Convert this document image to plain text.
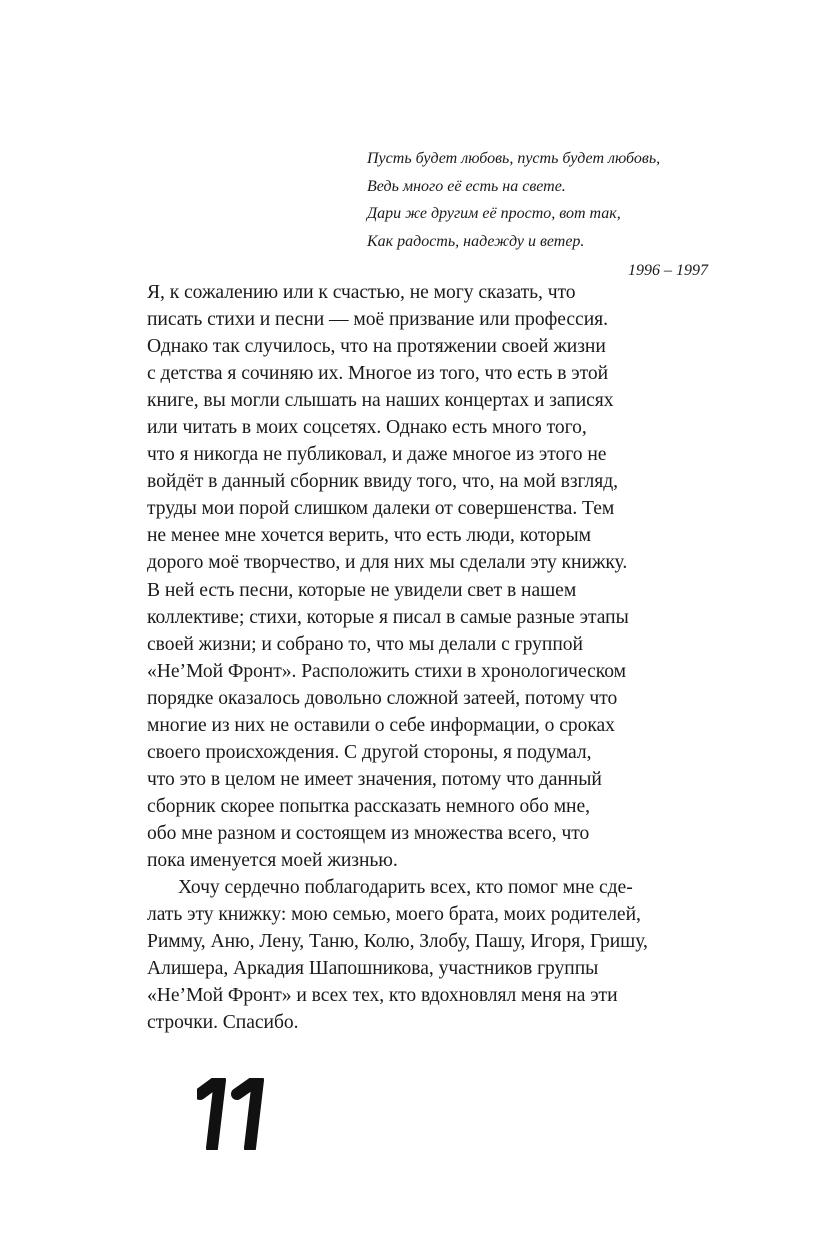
Пусть будет любовь, пусть будет любовь,
Ведь много её есть на свете.
Дари же другим её просто, вот так,
Как радость, надежду и ветер.
1996 – 1997
Я, к сожалению или к счастью, не могу сказать, что
писать стихи и песни — моё призвание или профессия.
Однако так случилось, что на протяжении своей жизни
с детства я сочиняю их. Многое из того, что есть в этой
книге, вы могли слышать на наших концертах и записях
или читать в моих соцсетях. Однако есть много того,
что я никогда не публиковал, и даже многое из этого не
войдёт в данный сборник ввиду того, что, на мой взгляд,
труды мои порой слишком далеки от совершенства. Тем
не менее мне хочется верить, что есть люди, которым
дорого моё творчество, и для них мы сделали эту книжку.
В ней есть песни, которые не увидели свет в нашем
коллективе; стихи, которые я писал в самые разные этапы
своей жизни; и собрано то, что мы делали с группой
«Не’Мой Фронт». Расположить стихи в хронологическом
порядке оказалось довольно сложной затеей, потому что
многие из них не оставили о себе информации, о сроках
своего происхождения. С другой стороны, я подумал,
что это в целом не имеет значения, потому что данный
сборник скорее попытка рассказать немного обо мне,
обо мне разном и состоящем из множества всего, что
пока именуется моей жизнью.
Хочу сердечно поблагодарить всех, кто помог мне сде-
лать эту книжку: мою семью, моего брата, моих родителей,
Римму, Аню, Лену, Таню, Колю, Злобу, Пашу, Игоря, Гришу,
Алишера, Аркадия Шапошникова, участников группы
«Не’Мой Фронт» и всех тех, кто вдохновлял меня на эти
строчки. Спасибо.
